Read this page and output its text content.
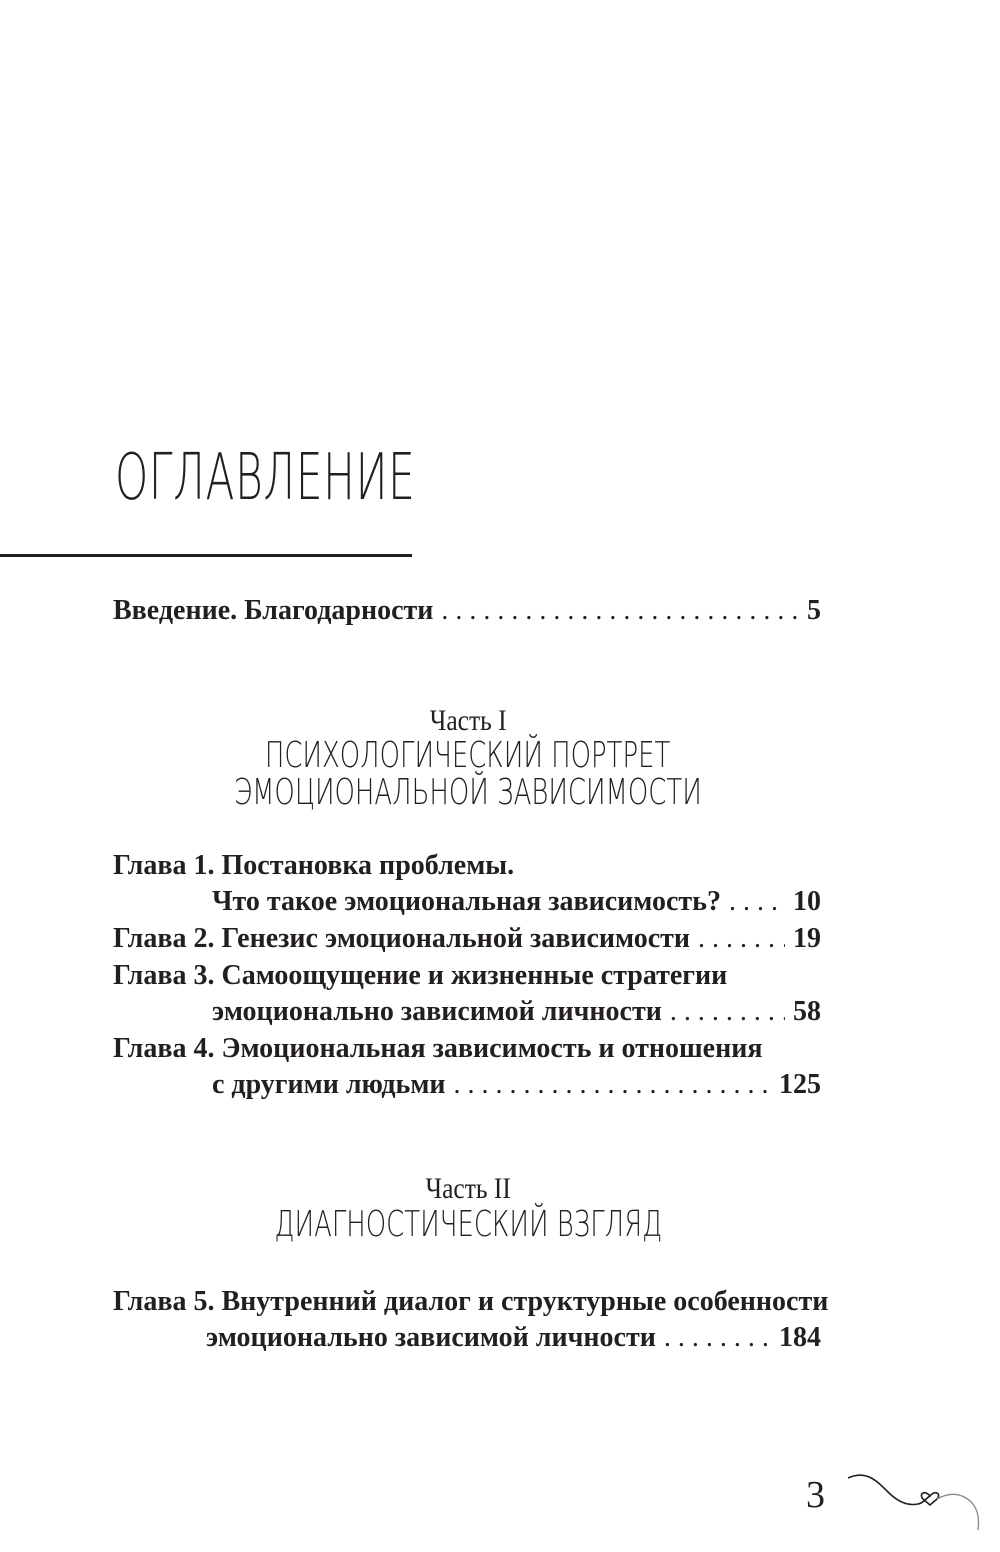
ОГЛАВЛЕНИЕ
Введение. Благодарности . . .	5
Часть I
ПСИХОЛОГИЧЕСКИЙ ПОРТРЕТ
ЭМОЦИОНАЛЬНОЙ ЗАВИСИМОСТИ
Глава 1. Постановка проблемы.
Что такое эмоциональная зависимость? . . .	10
Глава 2. Генезис эмоциональной зависимости . . .	19
Глава 3. Самоощущение и жизненные стратегии
эмоционально зависимой личности . . .	58
Глава 4. Эмоциональная зависимость и отношения
с другими людьми . . .	125
Часть II
ДИАГНОСТИЧЕСКИЙ ВЗГЛЯД
Глава 5. Внутренний диалог и структурные особенности
эмоционально зависимой личности . . .	184
3
